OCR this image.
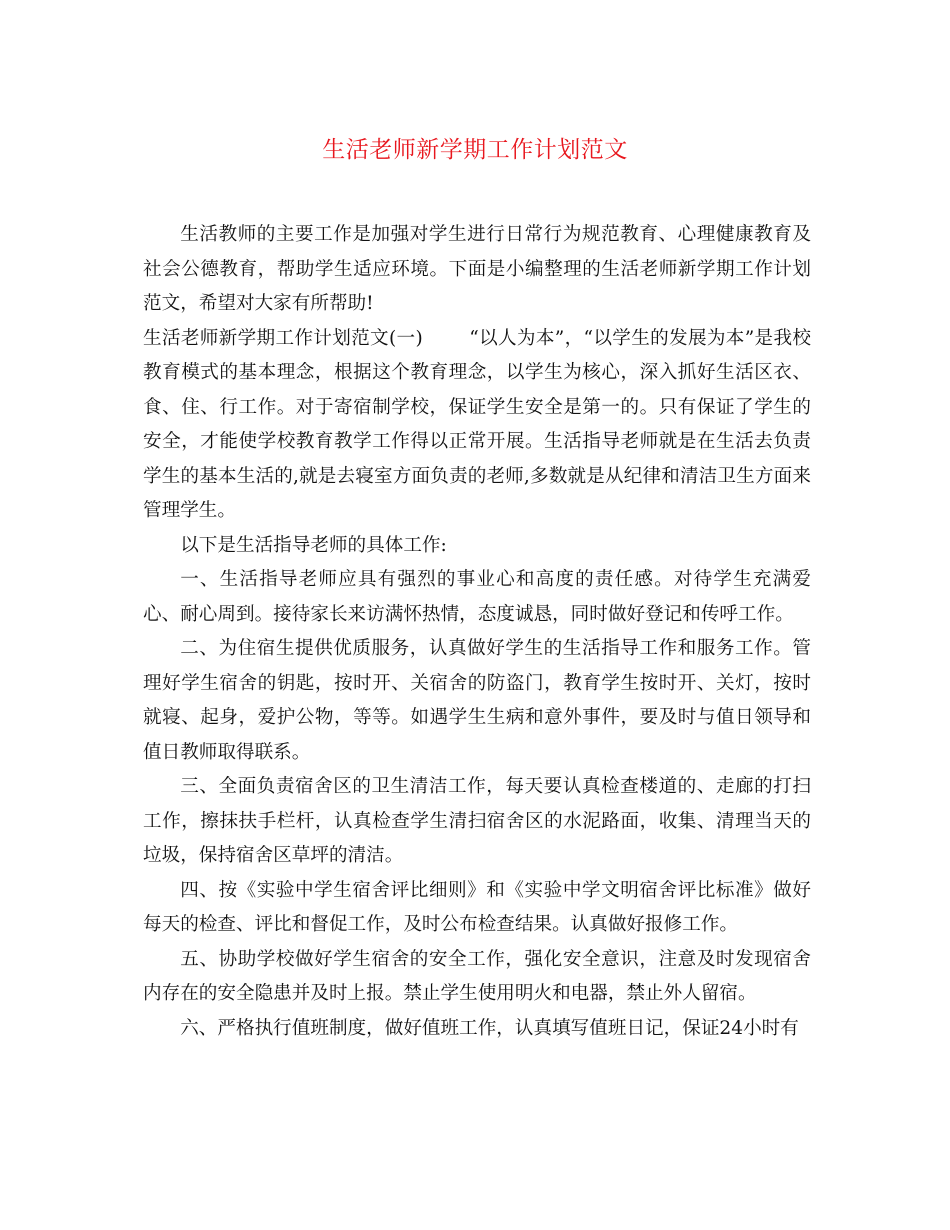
生活老师新学期工作计划范文

生活教师的主要工作是加强对学生进行日常行为规范教育、心理健康教育及社会公德教育，帮助学生适应环境。下面是小编整理的生活老师新学期工作计划范文，希望对大家有所帮助!

生活老师新学期工作计划范文(一)	“以人为本”，“以学生的发展为本”是我校教育模式的基本理念，根据这个教育理念，以学生为核心，深入抓好生活区衣、食、住、行工作。对于寄宿制学校，保证学生安全是第一的。只有保证了学生的安全，才能使学校教育教学工作得以正常开展。生活指导老师就是在生活去负责学生的基本生活的,就是去寝室方面负责的老师,多数就是从纪律和清洁卫生方面来管理学生。

以下是生活指导老师的具体工作:

一、生活指导老师应具有强烈的事业心和高度的责任感。对待学生充满爱心、耐心周到。接待家长来访满怀热情，态度诚恳，同时做好登记和传呼工作。

二、为住宿生提供优质服务，认真做好学生的生活指导工作和服务工作。管理好学生宿舍的钥匙，按时开、关宿舍的防盗门，教育学生按时开、关灯，按时就寝、起身，爱护公物，等等。如遇学生生病和意外事件，要及时与值日领导和值日教师取得联系。

三、全面负责宿舍区的卫生清洁工作，每天要认真检查楼道的、走廊的打扫工作，擦抹扶手栏杆，认真检查学生清扫宿舍区的水泥路面，收集、清理当天的垃圾，保持宿舍区草坪的清洁。

四、按《实验中学生宿舍评比细则》和《实验中学文明宿舍评比标准》做好每天的检查、评比和督促工作，及时公布检查结果。认真做好报修工作。

五、协助学校做好学生宿舍的安全工作，强化安全意识，注意及时发现宿舍内存在的安全隐患并及时上报。禁止学生使用明火和电器，禁止外人留宿。

六、严格执行值班制度，做好值班工作，认真填写值班日记，保证24小时有
